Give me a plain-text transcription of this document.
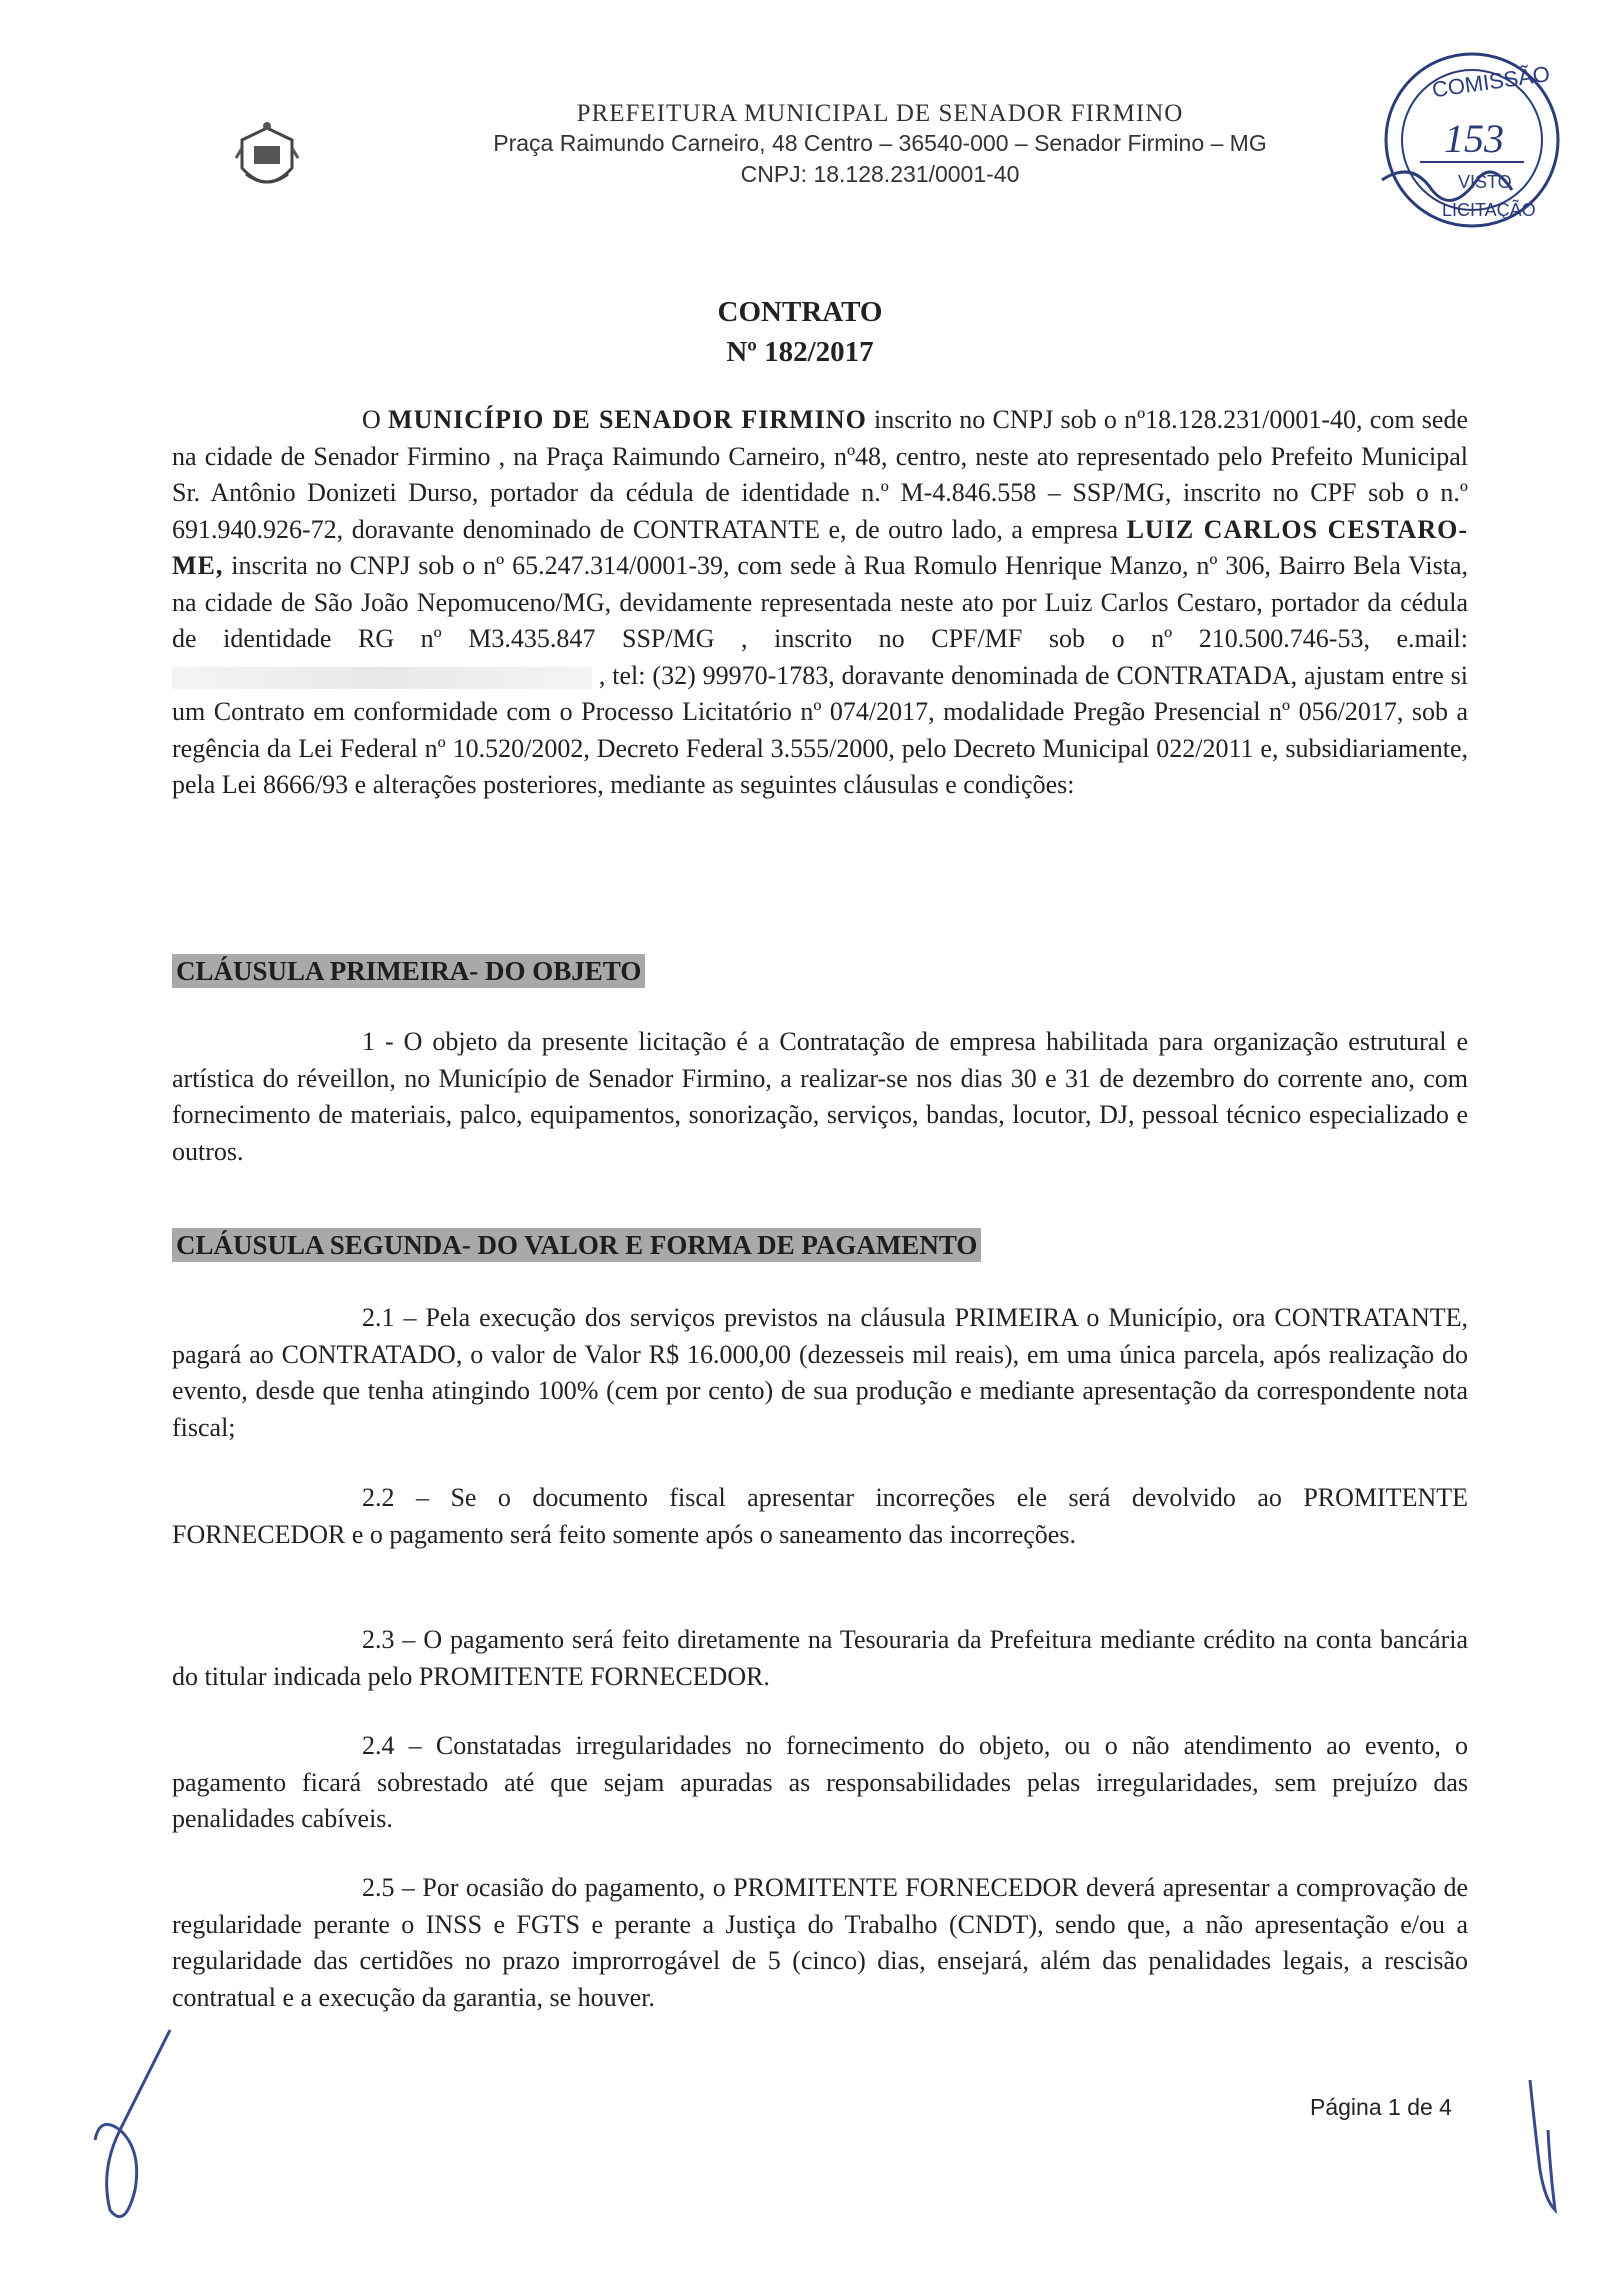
PREFEITURA MUNICIPAL DE SENADOR FIRMINO
Praça Raimundo Carneiro, 48 Centro – 36540-000 – Senador Firmino – MG
CNPJ: 18.128.231/0001-40
COMISSÃO
153
VISTO
LICITAÇÃO
CONTRATO
Nº 182/2017

O MUNICÍPIO DE SENADOR FIRMINO inscrito no CNPJ sob o nº18.128.231/0001-40, com sede na cidade de Senador Firmino , na Praça Raimundo Carneiro, nº48, centro, neste ato representado pelo Prefeito Municipal Sr. Antônio Donizeti Durso, portador da cédula de identidade n.º M-4.846.558 – SSP/MG, inscrito no CPF sob o n.º 691.940.926-72, doravante denominado de CONTRATANTE e, de outro lado, a empresa LUIZ CARLOS CESTARO-ME, inscrita no CNPJ sob o nº 65.247.314/0001-39, com sede à Rua Romulo Henrique Manzo, nº 306, Bairro Bela Vista, na cidade de São João Nepomuceno/MG, devidamente representada neste ato por Luiz Carlos Cestaro, portador da cédula de identidade RG nº M3.435.847 SSP/MG , inscrito no CPF/MF sob o nº 210.500.746-53, e.mail:  , tel: (32) 99970-1783, doravante denominada de CONTRATADA, ajustam entre si um Contrato em conformidade com o Processo Licitatório nº 074/2017, modalidade Pregão Presencial nº 056/2017, sob a regência da Lei Federal nº 10.520/2002, Decreto Federal 3.555/2000, pelo Decreto Municipal 022/2011 e, subsidiariamente, pela Lei 8666/93 e alterações posteriores, mediante as seguintes cláusulas e condições:

CLÁUSULA PRIMEIRA- DO OBJETO

1 - O objeto da presente licitação é a Contratação de empresa habilitada para organização estrutural e artística do réveillon, no Município de Senador Firmino, a realizar-se nos dias 30 e 31 de dezembro do corrente ano, com fornecimento de materiais, palco, equipamentos, sonorização, serviços, bandas, locutor, DJ, pessoal técnico especializado e outros.

CLÁUSULA SEGUNDA- DO VALOR E FORMA DE PAGAMENTO

2.1 – Pela execução dos serviços previstos na cláusula PRIMEIRA o Município, ora CONTRATANTE, pagará ao CONTRATADO, o valor de Valor R$ 16.000,00 (dezesseis mil reais), em uma única parcela, após realização do evento, desde que tenha atingindo 100% (cem por cento) de sua produção e mediante apresentação da correspondente nota fiscal;

2.2 – Se o documento fiscal apresentar incorreções ele será devolvido ao PROMITENTE FORNECEDOR e o pagamento será feito somente após o saneamento das incorreções.

2.3 – O pagamento será feito diretamente na Tesouraria da Prefeitura mediante crédito na conta bancária do titular indicada pelo PROMITENTE FORNECEDOR.

2.4 – Constatadas irregularidades no fornecimento do objeto, ou o não atendimento ao evento, o pagamento ficará sobrestado até que sejam apuradas as responsabilidades pelas irregularidades, sem prejuízo das penalidades cabíveis.

2.5 – Por ocasião do pagamento, o PROMITENTE FORNECEDOR deverá apresentar a comprovação de regularidade perante o INSS e FGTS e perante a Justiça do Trabalho (CNDT), sendo que, a não apresentação e/ou a regularidade das certidões no prazo improrrogável de 5 (cinco) dias, ensejará, além das penalidades legais, a rescisão contratual e a execução da garantia, se houver.

Página 1 de 4
